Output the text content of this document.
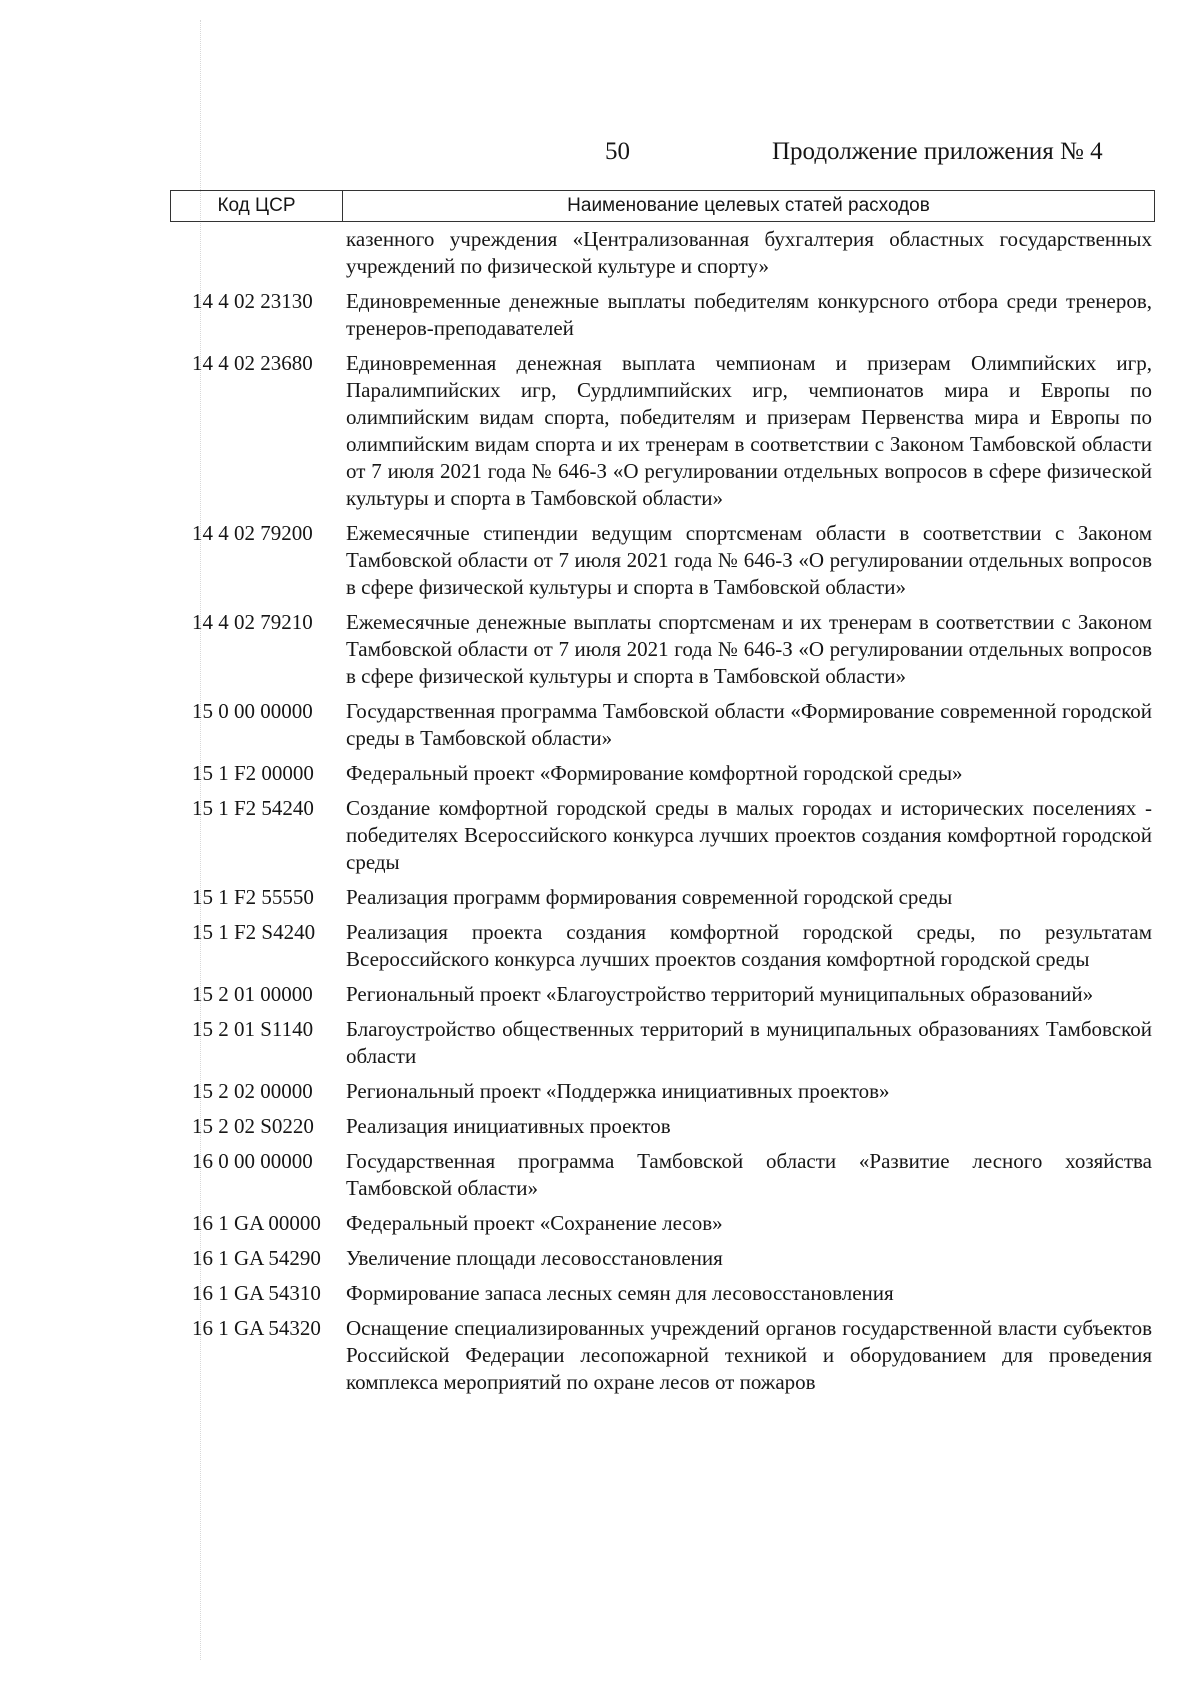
50	Продолжение приложения № 4
Код ЦСР	Наименование целевых статей расходов
казенного учреждения «Централизованная бухгалтерия областных государственных учреждений по физической культуре и спорту»
14 4 02 23130	Единовременные денежные выплаты победителям конкурсного отбора среди тренеров, тренеров-преподавателей
14 4 02 23680	Единовременная денежная выплата чемпионам и призерам Олимпийских игр, Паралимпийских игр, Сурдлимпийских игр, чемпионатов мира и Европы по олимпийским видам спорта, победителям и призерам Первенства мира и Европы по олимпийским видам спорта и их тренерам в соответствии с Законом Тамбовской области от 7 июля 2021 года № 646-З «О регулировании отдельных вопросов в сфере физической культуры и спорта в Тамбовской области»
14 4 02 79200	Ежемесячные стипендии ведущим спортсменам области в соответствии с Законом Тамбовской области от 7 июля 2021 года № 646-З «О регулировании отдельных вопросов в сфере физической культуры и спорта в Тамбовской области»
14 4 02 79210	Ежемесячные денежные выплаты спортсменам и их тренерам в соответствии с Законом Тамбовской области от 7 июля 2021 года № 646-З «О регулировании отдельных вопросов в сфере физической культуры и спорта в Тамбовской области»
15 0 00 00000	Государственная программа Тамбовской области «Формирование современной городской среды в Тамбовской области»
15 1 F2 00000	Федеральный проект «Формирование комфортной городской среды»
15 1 F2 54240	Создание комфортной городской среды в малых городах и исторических поселениях - победителях Всероссийского конкурса лучших проектов создания комфортной городской среды
15 1 F2 55550	Реализация программ формирования современной городской среды
15 1 F2 S4240	Реализация проекта создания комфортной городской среды, по результатам Всероссийского конкурса лучших проектов создания комфортной городской среды
15 2 01 00000	Региональный проект «Благоустройство территорий муниципальных образований»
15 2 01 S1140	Благоустройство общественных территорий в муниципальных образованиях Тамбовской области
15 2 02 00000	Региональный проект «Поддержка инициативных проектов»
15 2 02 S0220	Реализация инициативных проектов
16 0 00 00000	Государственная программа Тамбовской области «Развитие лесного хозяйства Тамбовской области»
16 1 GA 00000	Федеральный проект «Сохранение лесов»
16 1 GA 54290	Увеличение площади лесовосстановления
16 1 GA 54310	Формирование запаса лесных семян для лесовосстановления
16 1 GA 54320	Оснащение специализированных учреждений органов государственной власти субъектов Российской Федерации лесопожарной техникой и оборудованием для проведения комплекса мероприятий по охране лесов от пожаров
